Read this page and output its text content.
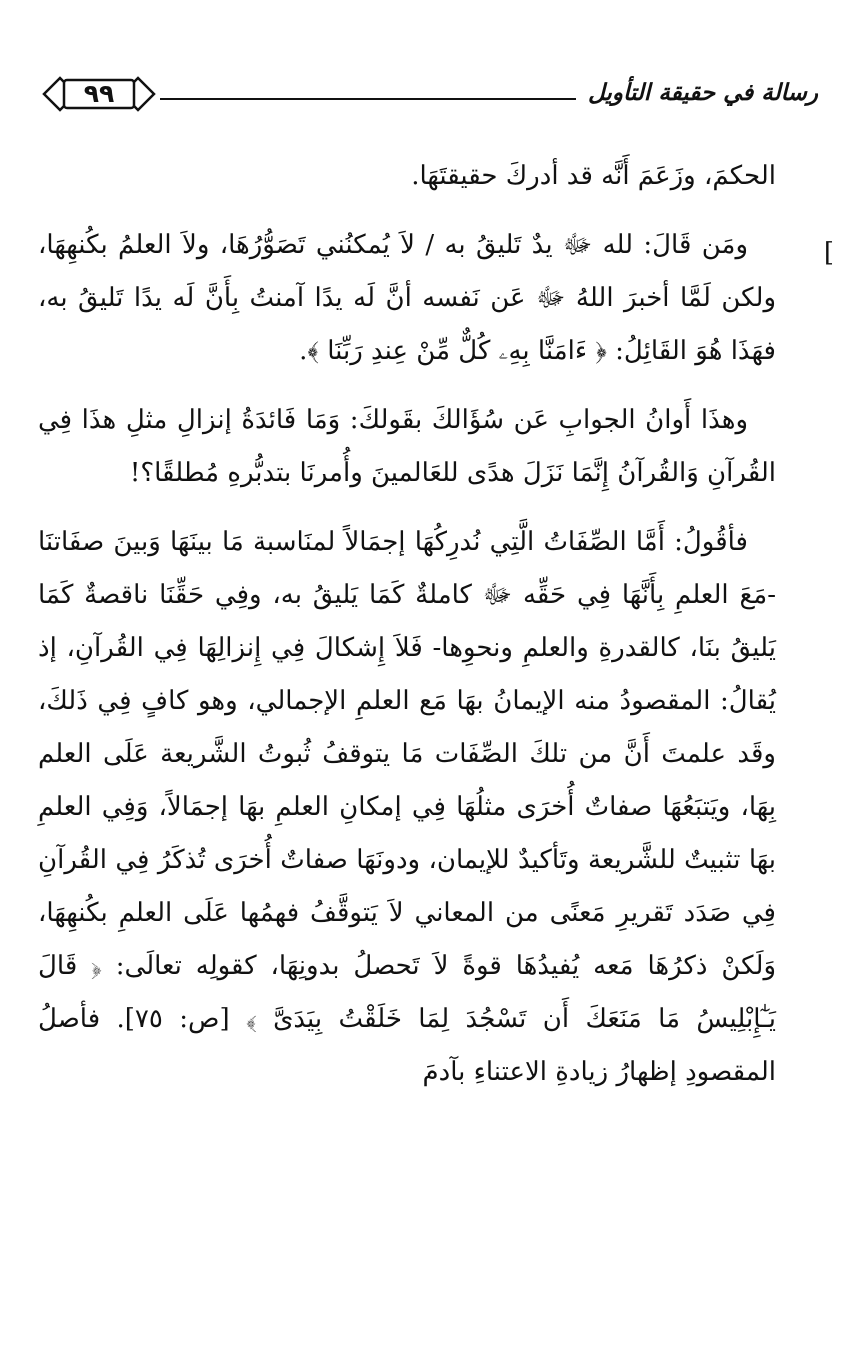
رسالة في حقيقة التأويل
٩٩
[

الحكمَ، وزَعَمَ أَنَّه قد أدركَ حقيقتَهَا.

ومَن قَالَ: لله ﷻ يدٌ تَليقُ به / لاَ يُمكنُني تَصَوُّرُهَا، ولاَ العلمُ بكُنهِهَا، ولكن لَمَّا أخبرَ اللهُ ﷻ عَن نَفسه أنَّ لَه يدًا آمنتُ بِأَنَّ لَه يدًا تَليقُ به، فهَذَا هُوَ القَائِلُ: ﴿ ءَامَنَّا بِهِۦ كُلٌّ مِّنْ عِندِ رَبِّنَا ﴾.

وهذَا أَوانُ الجوابِ عَن سُؤَالكَ بقَولكَ: وَمَا فَائدَةُ إنزالِ مثلِ هذَا فِي القُرآنِ وَالقُرآنُ إِنَّمَا نَزَلَ هدًى للعَالمينَ وأُمرنَا بتدبُّرهِ مُطلقًا؟!

فأقُولُ: أَمَّا الصِّفَاتُ الَّتِي نُدرِكُهَا إجمَالاً لمنَاسبة مَا بينَهَا وَبينَ صفَاتنَا -مَعَ العلمِ بِأَنَّهَا فِي حَقِّه ﷻ كاملةٌ كَمَا يَليقُ به، وفِي حَقِّنَا ناقصةٌ كَمَا يَليقُ بنَا، كالقدرةِ والعلمِ ونحوِها- فَلاَ إِشكالَ فِي إِنزالِهَا فِي القُرآنِ، إذ يُقالُ: المقصودُ منه الإيمانُ بهَا مَع العلمِ الإجمالي، وهو كافٍ فِي ذَلكَ، وقَد علمتَ أَنَّ من تلكَ الصِّفَات مَا يتوقفُ ثُبوتُ الشَّريعة عَلَى العلم بِهَا، ويَتبَعُهَا صفاتٌ أُخرَى مثلُهَا فِي إمكانِ العلمِ بهَا إجمَالاً، وَفِي العلمِ بهَا تثبيتٌ للشَّريعة وتَأكيدٌ للإيمان، ودونَهَا صفاتٌ أُخرَى تُذكَرُ فِي القُرآنِ فِي صَدَد تَقريرِ مَعنًى من المعاني لاَ يَتوقَّفُ فهمُها عَلَى العلمِ بكُنهِهَا، وَلَكنْ ذكرُهَا مَعه يُفيدُهَا قوةً لاَ تَحصلُ بدونِهَا، كقولِه تعالَى: ﴿ قَالَ يَـٰٓإِبْلِيسُ مَا مَنَعَكَ أَن تَسْجُدَ لِمَا خَلَقْتُ بِيَدَىَّ ﴾ [ص: ٧٥]. فأصلُ المقصودِ إظهارُ زيادةِ الاعتناءِ بآدمَ
